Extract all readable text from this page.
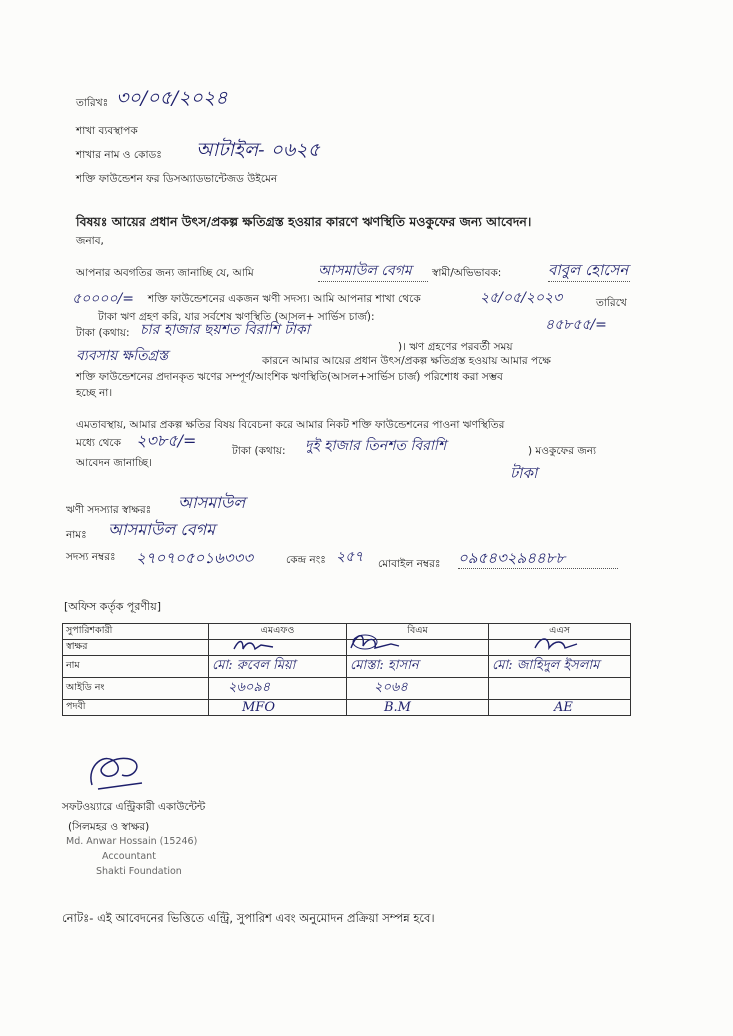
তারিখঃ ৩০/০৫/২০২৪
শাখা ব্যবস্থাপক
শাখার নাম ও কোডঃ আটাইল- ০৬২৫
শক্তি ফাউন্ডেশন ফর ডিসঅ্যাডভান্টেজড উইমেন
বিষয়ঃ আয়ের প্রধান উৎস/প্রকল্প ক্ষতিগ্রস্ত হওয়ার কারণে ঋণস্থিতি মওকুফের জন্য আবেদন।
জনাব,
আপনার অবগতির জন্য জানাচ্ছি যে, আমি	আসমাউল বেগম স্বামী/অভিভাবক:	বাবুল হোসেন
৫০০০০/= শক্তি ফাউন্ডেশনের একজন ঋণী সদস্য। আমি আপনার শাখা থেকে	২৫/০৫/২০২৩	তারিখে
টাকা ঋণ গ্রহণ করি, যার সর্বশেষ ঋণস্থিতি (আসল+ সার্ভিস চার্জ):	৪৫৮৫৫/=
টাকা (কথায়: চার হাজার ছয়শত বিরাশি টাকা
)। ঋণ গ্রহণের পরবর্তী সময়
ব্যবসায় ক্ষতিগ্রস্ত	কারনে আমার আয়ের প্রধান উৎস/প্রকল্প ক্ষতিগ্রস্ত হওয়ায় আমার পক্ষে
শক্তি ফাউন্ডেশনের প্রদানকৃত ঋণের সম্পূর্ণ/আংশিক ঋণস্থিতি(আসল+সার্ভিস চার্জ) পরিশোধ করা সম্ভব
হচ্ছে না।
এমতাবস্থায়, আমার প্রকল্প ক্ষতির বিষয় বিবেচনা করে আমার নিকট শক্তি ফাউন্ডেশনের পাওনা ঋণস্থিতির
মধ্যে থেকে ২৩৮৫/=
টাকা (কথায়: দুই হাজার তিনশত বিরাশি	) মওকুফের জন্য
আবেদন জানাচ্ছি।
টাকা
ঋণী সদস্যার স্বাক্ষরঃ আসমাউল
নামঃ আসমাউল বেগম
সদস্য নম্বরঃ ২৭০৭০৫০১৬৩৩৩	কেন্দ্র নংঃ ২৫৭ মোবাইল নম্বরঃ ০৯৫৪৩২৯৪৪৮৮
[অফিস কর্তৃক পূরণীয়]
সুপারিশকারী	এমএফও	বিএম	এএস
স্বাক্ষর	

নাম	মো: রুবেল মিয়া	মোস্তা: হাসান	মো: জাহিদুল ইসলাম
আইডি নং	২৬০৯৪	২০৬৪	
পদবী	MFO	B.M	AE
সফটওয়্যারে এন্ট্রিকারী একাউন্টেন্ট
(সিলমহর ও স্বাক্ষর)
Md. Anwar Hossain (15246)
Accountant
Shakti Foundation
নোটঃ- এই আবেদনের ভিত্তিতে এন্ট্রি, সুপারিশ এবং অনুমোদন প্রক্রিয়া সম্পন্ন হবে।
